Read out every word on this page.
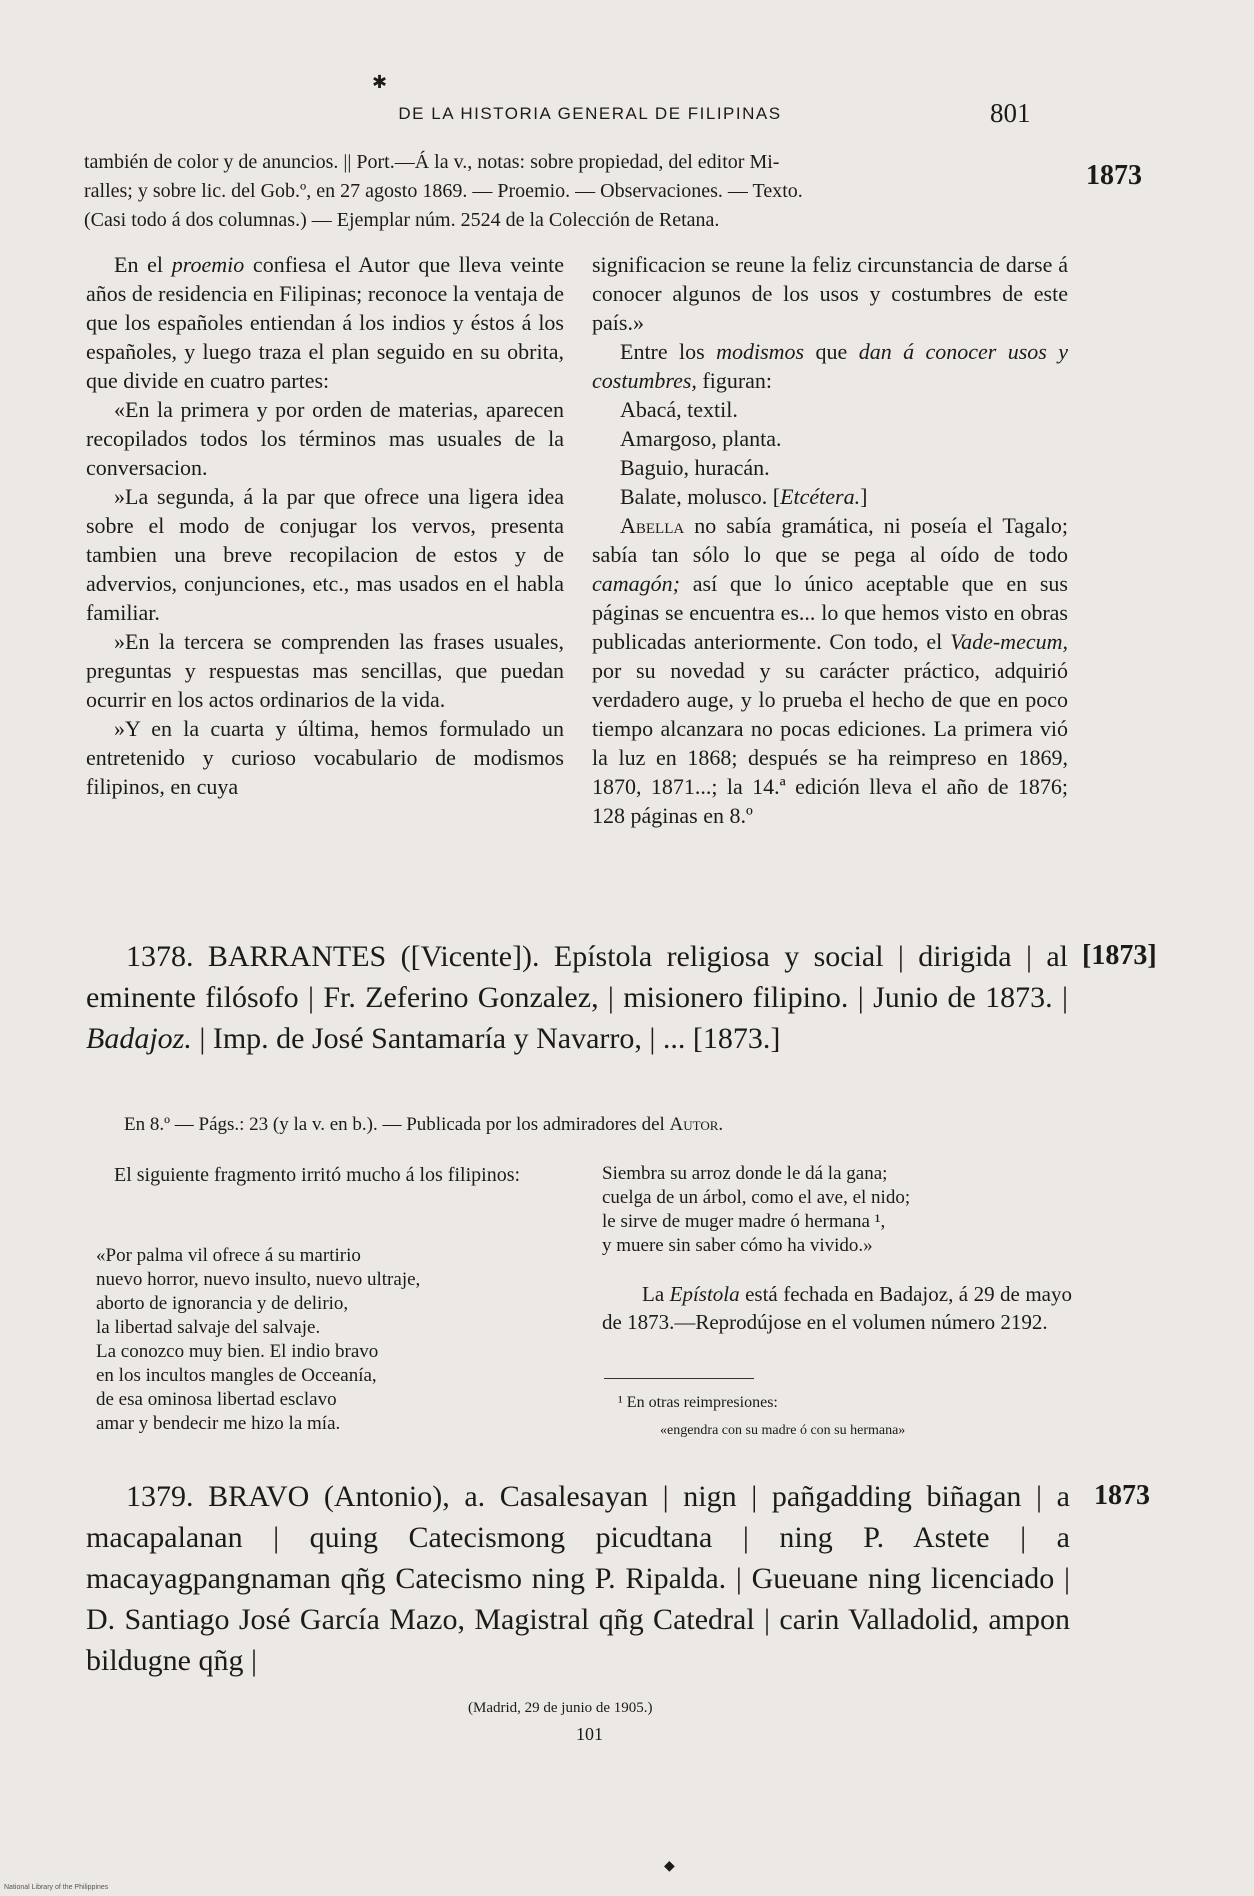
✱
DE LA HISTORIA GENERAL DE FILIPINAS	801

también de color y de anuncios. || Port.—Á la v., notas: sobre propiedad, del editor Mi-

ralles; y sobre lic. del Gob.º, en 27 agosto 1869. — Proemio. — Observaciones. — Texto.

(Casi todo á dos columnas.) — Ejemplar núm. 2524 de la Colección de Retana.

1873

En el proemio confiesa el Autor que lleva veinte años de residencia en Filipinas; reconoce la ventaja de que los españoles entiendan á los indios y éstos á los españoles, y luego traza el plan seguido en su obrita, que divide en cuatro partes:

«En la primera y por orden de materias, aparecen recopilados todos los términos mas usuales de la conversacion.

»La segunda, á la par que ofrece una ligera idea sobre el modo de conjugar los vervos, presenta tambien una breve recopilacion de estos y de advervios, conjunciones, etc., mas usados en el habla familiar.

»En la tercera se comprenden las frases usuales, preguntas y respuestas mas sencillas, que puedan ocurrir en los actos ordinarios de la vida.

»Y en la cuarta y última, hemos formulado un entretenido y curioso vocabulario de modismos filipinos, en cuya

significacion se reune la feliz circunstancia de darse á conocer algunos de los usos y costumbres de este país.»

Entre los modismos que dan á conocer usos y costumbres, figuran:

Abacá, textil.

Amargoso, planta.

Baguio, huracán.

Balate, molusco. [Etcétera.]

Abella no sabía gramática, ni poseía el Tagalo; sabía tan sólo lo que se pega al oído de todo camagón; así que lo único aceptable que en sus páginas se encuentra es... lo que hemos visto en obras publicadas anteriormente. Con todo, el Vade-mecum, por su novedad y su carácter práctico, adquirió verdadero auge, y lo prueba el hecho de que en poco tiempo alcanzara no pocas ediciones. La primera vió la luz en 1868; después se ha reimpreso en 1869, 1870, 1871...; la 14.ª edición lleva el año de 1876; 128 páginas en 8.º

1378. BARRANTES ([Vicente]). Epístola religiosa y social | dirigida | al eminente filósofo | Fr. Zeferino Gonzalez, | misionero filipino. | Junio de 1873. | Badajoz. | Imp. de José Santamaría y Navarro, | ... [1873.]

[1873]
En 8.º — Págs.: 23 (y la v. en b.). — Publicada por los admiradores del Autor.
El siguiente fragmento irritó mucho á los filipinos:
«Por palma vil ofrece á su martirio
nuevo horror, nuevo insulto, nuevo ultraje,
aborto de ignorancia y de delirio,
la libertad salvaje del salvaje.
La conozco muy bien. El indio bravo
en los incultos mangles de Occeanía,
de esa ominosa libertad esclavo
amar y bendecir me hizo la mía.
Siembra su arroz donde le dá la gana;
cuelga de un árbol, como el ave, el nido;
le sirve de muger madre ó hermana ¹,
y muere sin saber cómo ha vivido.»
La Epístola está fechada en Badajoz, á 29 de mayo de 1873.—Reprodújose en el volumen número 2192.
¹ En otras reimpresiones:
«engendra con su madre ó con su hermana»

1379. BRAVO (Antonio), a. Casalesayan | nign | pañgadding biñagan | a macapalanan | quing Catecismong picudtana | ning P. Astete | a macayagpangnaman qñg Catecismo ning P. Ripalda. | Gueuane ning licenciado | D. Santiago José García Mazo, Magistral qñg Catedral | carin Valladolid, ampon bildugne qñg |

1873
(Madrid, 29 de junio de 1905.)
101
◆
National Library of the Philippines
